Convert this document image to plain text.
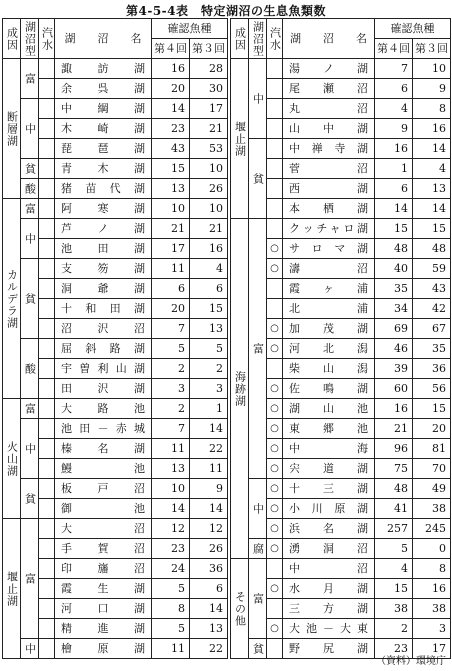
第4-5-4表　特定湖沼の生息魚類数
成因	湖沼型	汽水	湖　　沼　　名	確認魚種	
				第４回	第３回
断層湖	富		諏訪湖	16	28
			余呉湖	20	30
	中		中綱湖	14	17
			木崎湖	23	21
			琵琶湖	43	53
	貧		青木湖	15	10
	酸		猪苗代湖	13	26
カルデラ湖	富		阿寒湖	10	10
	中		芦ノ湖	21	21
			池田湖	17	16
	貧		支笏湖	11	4
			洞爺湖	6	6
			十和田湖	20	15
			沼沢沼	7	13
	酸		屈斜路湖	5	5
			宇曽利山湖	2	2
			田沢湖	3	3
火山湖	富		大路池	2	1
	中		池田－赤城	7	14
			榛名湖	11	22
			鰻池	13	11
	貧		板戸沼	10	9
			御池	14	14
堰止湖	富		大沼	12	12
			手賀沼	23	26
			印旛沼	24	36
			霞生湖	5	6
			河口湖	8	14
			精進湖	5	13
	中		檜原湖	11	22
成因	湖沼型	汽水	湖　　沼　　名	確認魚種	
				第４回	第３回
堰止湖	中		湯ノ湖	7	10
			尾瀬沼	6	9
			丸沼	4	8
			山中湖	9	16
	貧		中禅寺湖	16	14
			菅沼	1	4
			西湖	6	13
			本栖湖	14	14
海跡湖	富		クッチャロ湖	15	15
		○	サロマ湖	48	48
		○	濤沼	40	59
			霞ヶ浦	35	43
			北浦	34	42
		○	加茂湖	69	67
		○	河北潟	46	35
			柴山潟	39	36
		○	佐鳴湖	60	56
		○	湖山池	16	15
		○	東郷池	21	20
		○	中海	96	81
		○	宍道湖	75	70
	中	○	十三湖	48	49
		○	小川原湖	41	38
		○	浜名湖	257	245
	腐	○	湧洞沼	5	0
その他	富		中沼	4	8
		○	水月湖	15	16
			三方湖	38	38
		○	大池－大東	2	3
	貧		野尻湖	23	17
（資料）環境庁
